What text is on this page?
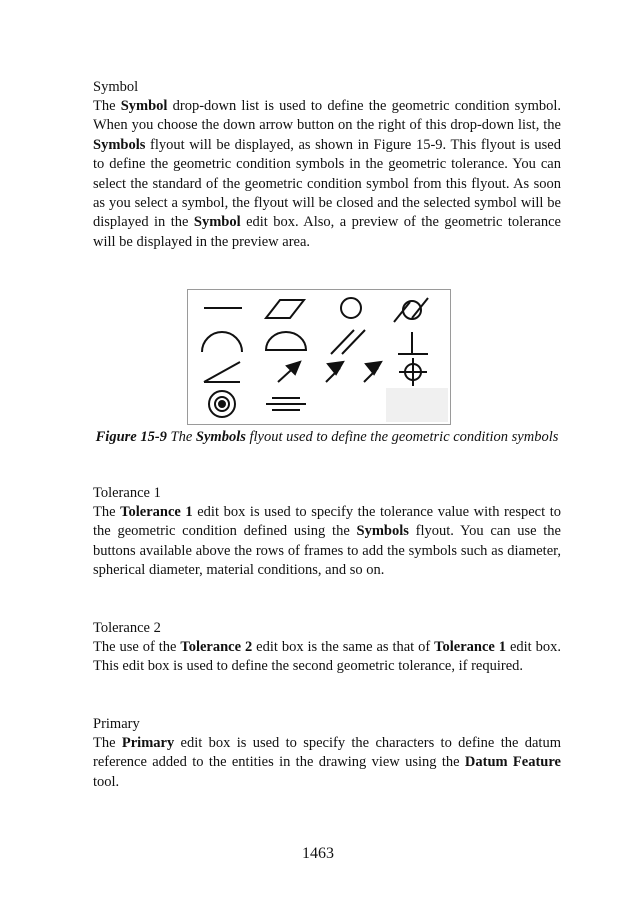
Symbol

The Symbol drop-down list is used to define the geometric condition symbol. When you choose the down arrow button on the right of this drop-down list, the Symbols flyout will be displayed, as shown in Figure 15-9. This flyout is used to define the geometric condition symbols in the geometric tolerance. You can select the standard of the geometric condition symbol from this flyout. As soon as you select a symbol, the flyout will be closed and the selected symbol will be displayed in the Symbol edit box. Also, a preview of the geometric tolerance will be displayed in the preview area.

Figure 15-9 The Symbols flyout used to define the geometric condition symbols

Tolerance 1

The Tolerance 1 edit box is used to specify the tolerance value with respect to the geometric condition defined using the Symbols flyout. You can use the buttons available above the rows of frames to add the symbols such as diameter, spherical diameter, material conditions, and so on.

Tolerance 2

The use of the Tolerance 2 edit box is the same as that of Tolerance 1 edit box. This edit box is used to define the second geometric tolerance, if required.

Primary

The Primary edit box is used to specify the characters to define the datum reference added to the entities in the drawing view using the Datum Feature tool.

1463
